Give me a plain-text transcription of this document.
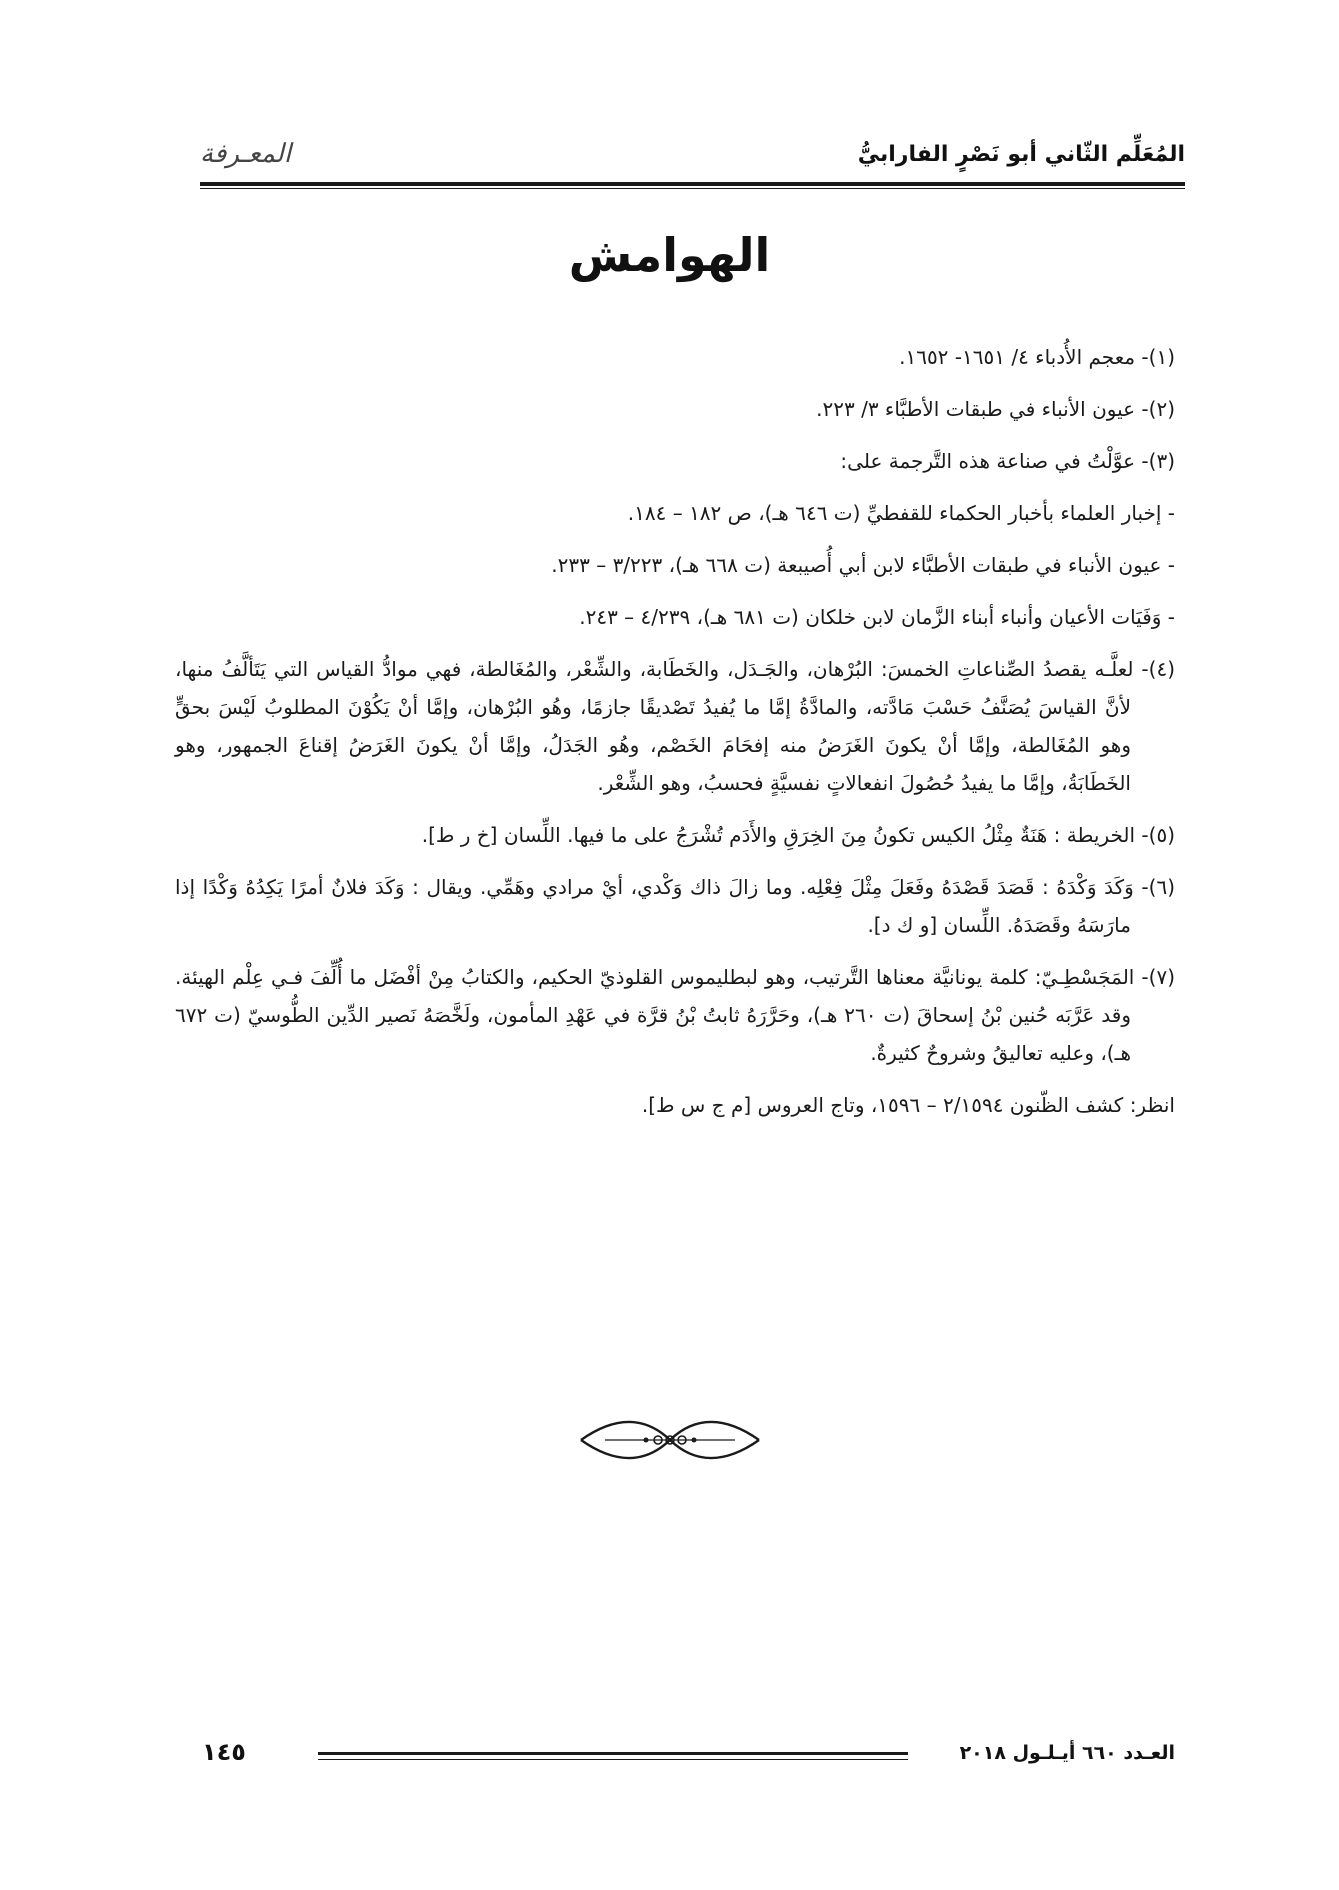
المُعَلِّم الثّاني أبو نَصْرٍ الفارابيُّ
المعـرفة
الهوامش

(١)- معجم الأُدباء ٤/ ١٦٥١- ١٦٥٢.

(٢)- عيون الأنباء في طبقات الأطبَّاء ٣/ ٢٢٣.

(٣)- عوَّلْتُ في صناعة هذه التَّرجمة على:

- إخبار العلماء بأخبار الحكماء للقفطيِّ (ت ٦٤٦ هـ)، ص ١٨٢ – ١٨٤.

- عيون الأنباء في طبقات الأطبَّاء لابن أبي أُصيبعة (ت ٦٦٨ هـ)، ٣/٢٢٣ – ٢٣٣.

- وَفَيَات الأعيان وأنباء أبناء الزَّمان لابن خلكان (ت ٦٨١ هـ)، ٤/٢٣٩ – ٢٤٣.

(٤)- لعلَّـه يقصدُ الصِّناعاتِ الخمسَ: البُرْهان، والجَـدَل، والخَطَابة، والشِّعْر، والمُغَالطة، فهي موادُّ القياس التي يَتَألَّفُ منها، لأنَّ القياسَ يُصَنَّفُ حَسْبَ مَادَّته، والمادَّةُ إمَّا ما يُفيدُ تَصْديقًا جازمًا، وهُو البُرْهان، وإمَّا أنْ يَكُوْنَ المطلوبُ لَيْسَ بحقٍّ وهو المُغَالطة، وإمَّا أنْ يكونَ الغَرَضُ منه إفحَامَ الخَصْم، وهُو الجَدَلُ، وإمَّا أنْ يكونَ الغَرَضُ إقناعَ الجمهور، وهو الخَطَابَةُ، وإمَّا ما يفيدُ حُصُولَ انفعالاتٍ نفسيَّةٍ فحسبُ، وهو الشِّعْر.

(٥)- الخريطة : هَنَةٌ مِثْلُ الكيس تكونُ مِنَ الخِرَقِ والأَدَم تُشْرَجُ على ما فيها. اللِّسان [خ ر ط].

(٦)- وَكَدَ وَكْدَهُ : قَصَدَ قَصْدَهُ وفَعَلَ مِثْلَ فِعْلِه. وما زالَ ذاك وَكْدي، أيْ مرادي وهَمِّي. ويقال : وَكَدَ فلانٌ أمرًا يَكِدُهُ وَكْدًا إذا مارَسَهُ وقَصَدَهُ. اللِّسان [و ك د].

(٧)- المَجَسْطِـيّ: كلمة يونانيَّة معناها التَّرتيب، وهو لبطليموس القلوذيّ الحكيم، والكتابُ مِنْ أفْضَل ما أُلِّفَ فـي عِلْم الهيئة. وقد عَرَّبَه حُنين بْنُ إسحاقَ (ت ٢٦٠ هـ)، وحَرَّرَهُ ثابتُ بْنُ قرَّة في عَهْدِ المأمون، ولَخَّصَهُ نَصير الدِّين الطُّوسيّ (ت ٦٧٢ هـ)، وعليه تعاليقُ وشروحٌ كثيرةٌ.

انظر: كشف الظّنون ٢/١٥٩٤ – ١٥٩٦، وتاج العروس [م ج س ط].

العـدد ٦٦٠ أيـلـول ٢٠١٨
١٤٥
